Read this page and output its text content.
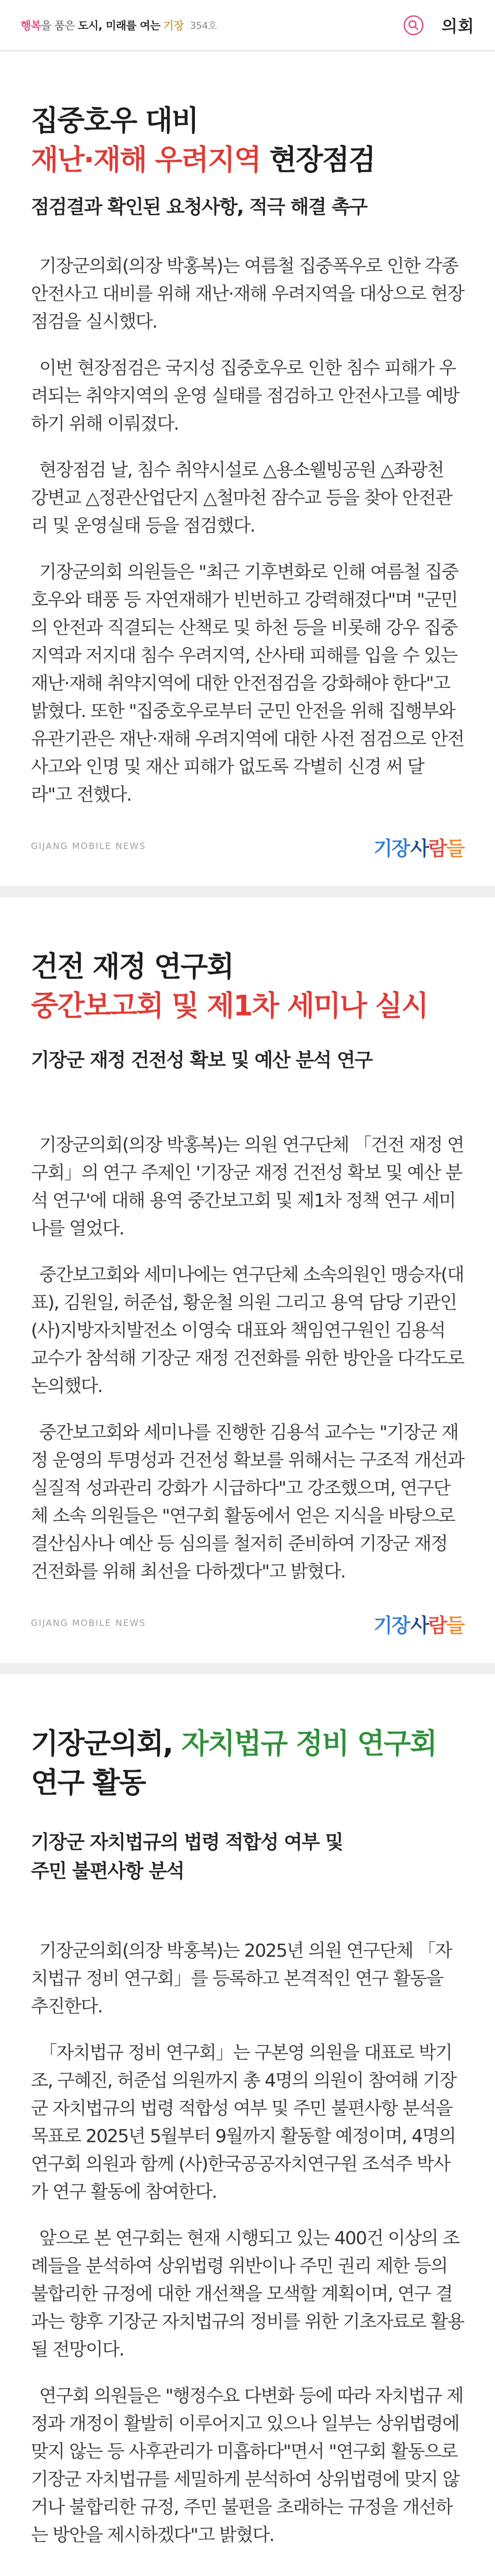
행복 을 품은 도시, 미래를 여는 기장 354호	의회
집중호우 대비
재난·재해 우려지역 현장점검
점검결과 확인된 요청사항, 적극 해결 촉구

기장군의회(의장 박홍복)는 여름철 집중폭우로 인한 각종 안전사고 대비를 위해 재난·재해 우려지역을 대상으로 현장점검을 실시했다.

이번 현장점검은 국지성 집중호우로 인한 침수 피해가 우려되는 취약지역의 운영 실태를 점검하고 안전사고를 예방하기 위해 이뤄졌다.

현장점검 날, 침수 취약시설로 △용소웰빙공원 △좌광천 강변교 △정관산업단지 △철마천 잠수교 등을 찾아 안전관리 및 운영실태 등을 점검했다.

기장군의회 의원들은 "최근 기후변화로 인해 여름철 집중호우와 태풍 등 자연재해가 빈번하고 강력해졌다"며 "군민의 안전과 직결되는 산책로 및 하천 등을 비롯해 강우 집중 지역과 저지대 침수 우려지역, 산사태 피해를 입을 수 있는 재난·재해 취약지역에 대한 안전점검을 강화해야 한다"고 밝혔다. 또한 "집중호우로부터 군민 안전을 위해 집행부와 유관기관은 재난·재해 우려지역에 대한 사전 점검으로 안전사고와 인명 및 재산 피해가 없도록 각별히 신경 써 달라"고 전했다.

GIJANG MOBILE NEWS	기장 사 람 들
건전 재정 연구회
중간보고회 및 제1차 세미나 실시
기장군 재정 건전성 확보 및 예산 분석 연구

기장군의회(의장 박홍복)는 의원 연구단체 「건전 재정 연구회」의 연구 주제인 '기장군 재정 건전성 확보 및 예산 분석 연구'에 대해 용역 중간보고회 및 제1차 정책 연구 세미나를 열었다.

중간보고회와 세미나에는 연구단체 소속의원인 맹승자(대표), 김원일, 허준섭, 황운철 의원 그리고 용역 담당 기관인 (사)지방자치발전소 이영숙 대표와 책임연구원인 김용석 교수가 참석해 기장군 재정 건전화를 위한 방안을 다각도로 논의했다.

중간보고회와 세미나를 진행한 김용석 교수는 "기장군 재정 운영의 투명성과 건전성 확보를 위해서는 구조적 개선과 실질적 성과관리 강화가 시급하다"고 강조했으며, 연구단체 소속 의원들은 "연구회 활동에서 얻은 지식을 바탕으로 결산심사나 예산 등 심의를 철저히 준비하여 기장군 재정 건전화를 위해 최선을 다하겠다"고 밝혔다.

GIJANG MOBILE NEWS	기장 사 람 들
기장군의회, 자치법규 정비 연구회
연구 활동
기장군 자치법규의 법령 적합성 여부 및
주민 불편사항 분석

기장군의회(의장 박홍복)는 2025년 의원 연구단체 「자치법규 정비 연구회」를 등록하고 본격적인 연구 활동을 추진한다.

「자치법규 정비 연구회」는 구본영 의원을 대표로 박기조, 구혜진, 허준섭 의원까지 총 4명의 의원이 참여해 기장군 자치법규의 법령 적합성 여부 및 주민 불편사항 분석을 목표로 2025년 5월부터 9월까지 활동할 예정이며, 4명의 연구회 의원과 함께 (사)한국공공자치연구원 조석주 박사가 연구 활동에 참여한다.

앞으로 본 연구회는 현재 시행되고 있는 400건 이상의 조례들을 분석하여 상위법령 위반이나 주민 권리 제한 등의 불합리한 규정에 대한 개선책을 모색할 계획이며, 연구 결과는 향후 기장군 자치법규의 정비를 위한 기초자료로 활용될 전망이다.

연구회 의원들은 "행정수요 다변화 등에 따라 자치법규 제정과 개정이 활발히 이루어지고 있으나 일부는 상위법령에 맞지 않는 등 사후관리가 미흡하다"면서 "연구회 활동으로 기장군 자치법규를 세밀하게 분석하여 상위법령에 맞지 않거나 불합리한 규정, 주민 불편을 초래하는 규정을 개선하는 방안을 제시하겠다"고 밝혔다.
